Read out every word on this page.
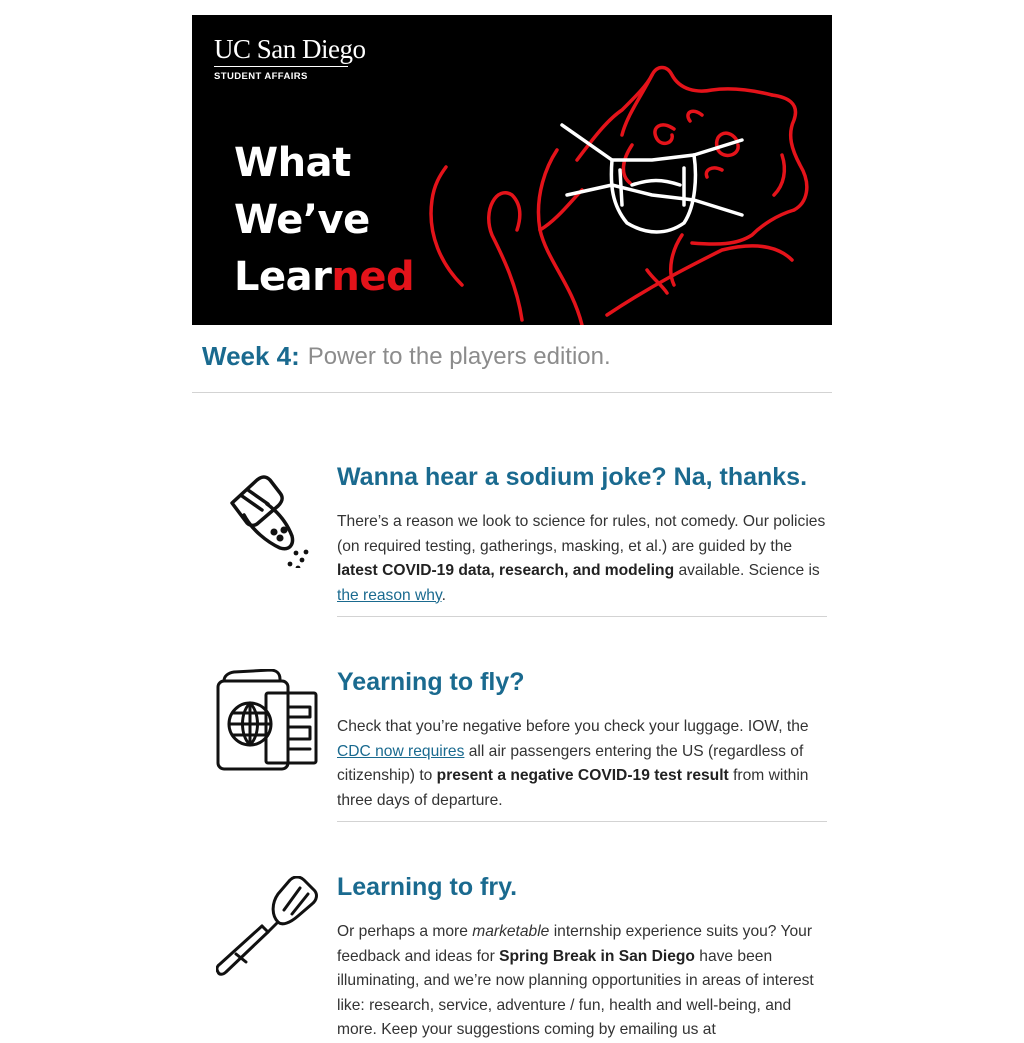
UC San Diego
STUDENT AFFAIRS
What
We’ve
Learned
Week 4: Power to the players edition.
Wanna hear a sodium joke? Na, thanks.
There’s a reason we look to science for rules, not comedy. Our policies (on required testing, gatherings, masking, et al.) are guided by the latest COVID-19 data, research, and modeling available. Science is the reason why.
Yearning to fly?
Check that you’re negative before you check your luggage. IOW, the CDC now requires all air passengers entering the US (regardless of citizenship) to present a negative COVID-19 test result from within three days of departure.
Learning to fry.
Or perhaps a more marketable internship experience suits you? Your feedback and ideas for Spring Break in San Diego have been illuminating, and we’re now planning opportunities in areas of interest like: research, service, adventure / fun, health and well-being, and more. Keep your suggestions coming by emailing us at
